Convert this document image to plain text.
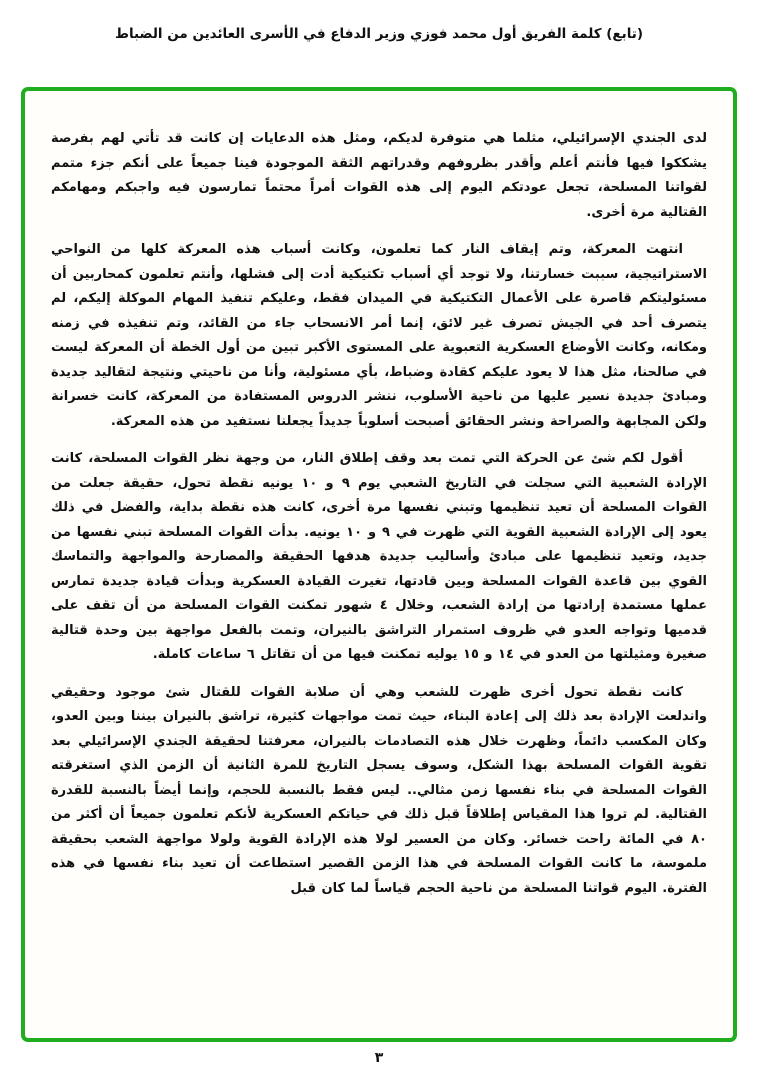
(تابع) كلمة الفريق أول محمد فوزي وزير الدفاع في الأسرى العائدين من الضباط

لدى الجندي الإسرائيلي، مثلما هي متوفرة لديكم، ومثل هذه الدعايات إن كانت قد تأتي لهم بفرصة يشككوا فيها فأنتم أعلم وأقدر بظروفهم وقدراتهم الثقة الموجودة فينا جميعاً على أنكم جزء متمم لقواتنا المسلحة، تجعل عودتكم اليوم إلى هذه القوات أمراً محتماً تمارسون فيه واجبكم ومهامكم القتالية مرة أخرى.

انتهت المعركة، وتم إيقاف النار كما تعلمون، وكانت أسباب هذه المعركة كلها من النواحي الاستراتيجية، سببت خسارتنا، ولا توجد أي أسباب تكتيكية أدت إلى فشلها، وأنتم تعلمون كمحاربين أن مسئوليتكم قاصرة على الأعمال التكتيكية في الميدان فقط، وعليكم تنفيذ المهام الموكلة إليكم، لم يتصرف أحد في الجيش تصرف غير لائق، إنما أمر الانسحاب جاء من القائد، وتم تنفيذه في زمنه ومكانه، وكانت الأوضاع العسكرية التعبوية على المستوى الأكبر تبين من أول الخطة أن المعركة ليست في صالحنا، مثل هذا لا يعود عليكم كقادة وضباط، بأي مسئولية، وأنا من ناحيتي ونتيجة لتقاليد جديدة ومبادئ جديدة نسير عليها من ناحية الأسلوب، ننشر الدروس المستفادة من المعركة، كانت خسرانة ولكن المجابهة والصراحة ونشر الحقائق أصبحت أسلوباً جديداً يجعلنا نستفيد من هذه المعركة.

أقول لكم شئ عن الحركة التي تمت بعد وقف إطلاق النار، من وجهة نظر القوات المسلحة، كانت الإرادة الشعبية التي سجلت في التاريخ الشعبي يوم ٩ و ١٠ يونيه نقطة تحول، حقيقة جعلت من القوات المسلحة أن تعيد تنظيمها وتبني نفسها مرة أخرى، كانت هذه نقطة بداية، والفضل في ذلك يعود إلى الإرادة الشعبية القوية التي ظهرت في ٩ و ١٠ يونيه. بدأت القوات المسلحة تبني نفسها من جديد، وتعيد تنظيمها على مبادئ وأساليب جديدة هدفها الحقيقة والمصارحة والمواجهة والتماسك القوي بين قاعدة القوات المسلحة وبين قادتها، تغيرت القيادة العسكرية وبدأت قيادة جديدة تمارس عملها مستمدة إرادتها من إرادة الشعب، وخلال ٤ شهور تمكنت القوات المسلحة من أن تقف على قدميها وتواجه العدو في ظروف استمرار التراشق بالنيران، وتمت بالفعل مواجهة بين وحدة قتالية صغيرة ومثيلتها من العدو في ١٤ و ١٥ يوليه تمكنت فيها من أن تقاتل ٦ ساعات كاملة.

كانت نقطة تحول أخرى ظهرت للشعب وهي أن صلابة القوات للقتال شئ موجود وحقيقي واندلعت الإرادة بعد ذلك إلى إعادة البناء، حيث تمت مواجهات كثيرة، تراشق بالنيران بيننا وبين العدو، وكان المكسب دائماً، وظهرت خلال هذه التصادمات بالنيران، معرفتنا لحقيقة الجندي الإسرائيلي بعد تقوية القوات المسلحة بهذا الشكل، وسوف يسجل التاريخ للمرة الثانية أن الزمن الذي استغرقته القوات المسلحة في بناء نفسها زمن مثالي.. ليس فقط بالنسبة للحجم، وإنما أيضاً بالنسبة للقدرة القتالية. لم تروا هذا المقياس إطلاقاً قبل ذلك في حياتكم العسكرية لأنكم تعلمون جميعاً أن أكثر من ٨٠ في المائة راحت خسائر. وكان من العسير لولا هذه الإرادة القوية ولولا مواجهة الشعب بحقيقة ملموسة، ما كانت القوات المسلحة في هذا الزمن القصير استطاعت أن تعيد بناء نفسها في هذه الفترة. اليوم قواتنا المسلحة من ناحية الحجم قياساً لما كان قبل

٣
